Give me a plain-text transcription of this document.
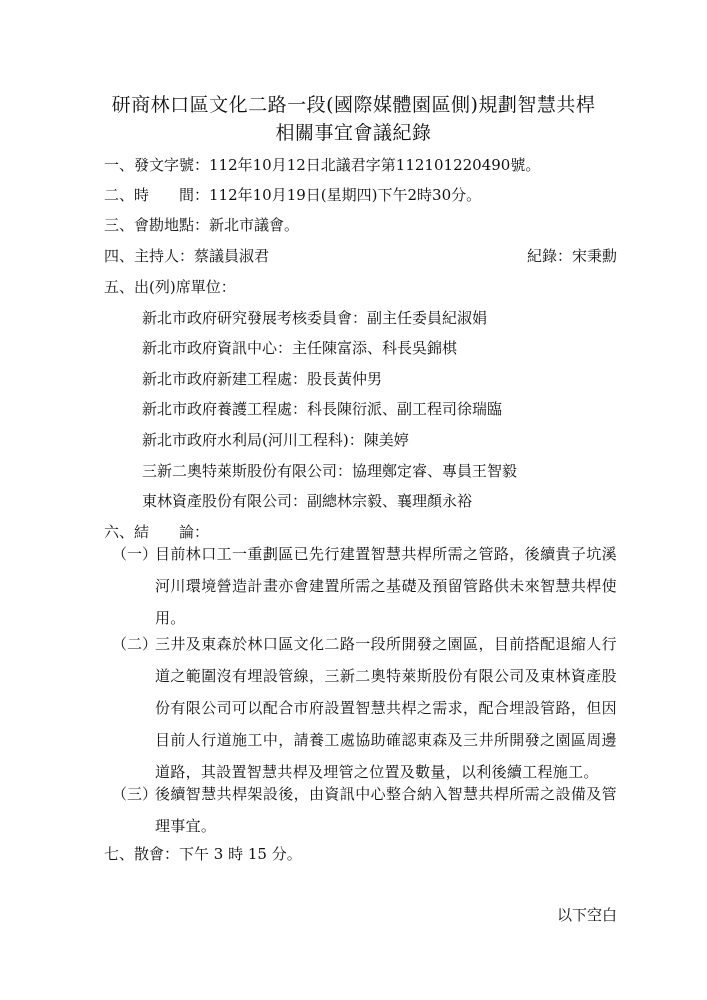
研商林口區文化二路一段(國際媒體園區側)規劃智慧共桿
相關事宜會議紀錄
一、發文字號：112年10月12日北議君字第112101220490號。
二、時　　間：112年10月19日(星期四)下午2時30分。
三、會勘地點：新北市議會。
四、主持人：蔡議員淑君	紀錄：宋秉勳
五、出(列)席單位：
新北市政府研究發展考核委員會：副主任委員紀淑娟
新北市政府資訊中心：主任陳富添、科長吳錦棋
新北市政府新建工程處：股長黃仲男
新北市政府養護工程處：科長陳衍派、副工程司徐瑞臨
新北市政府水利局(河川工程科)：陳美婷
三新二奧特萊斯股份有限公司：協理鄭定睿、專員王智毅
東林資產股份有限公司：副總林宗毅、襄理顏永裕
六、結　　論：
（一）
目前林口工一重劃區已先行建置智慧共桿所需之管路，後續貴子坑溪河川環境營造計畫亦會建置所需之基礎及預留管路供未來智慧共桿使用。
（二）
三井及東森於林口區文化二路一段所開發之園區，目前搭配退縮人行道之範圍沒有埋設管線，三新二奧特萊斯股份有限公司及東林資產股份有限公司可以配合市府設置智慧共桿之需求，配合埋設管路，但因目前人行道施工中，請養工處協助確認東森及三井所開發之園區周邊道路，其設置智慧共桿及埋管之位置及數量，以利後續工程施工。
（三）
後續智慧共桿架設後，由資訊中心整合納入智慧共桿所需之設備及管理事宜。
七、散會：下午 3 時 15 分。
以下空白
